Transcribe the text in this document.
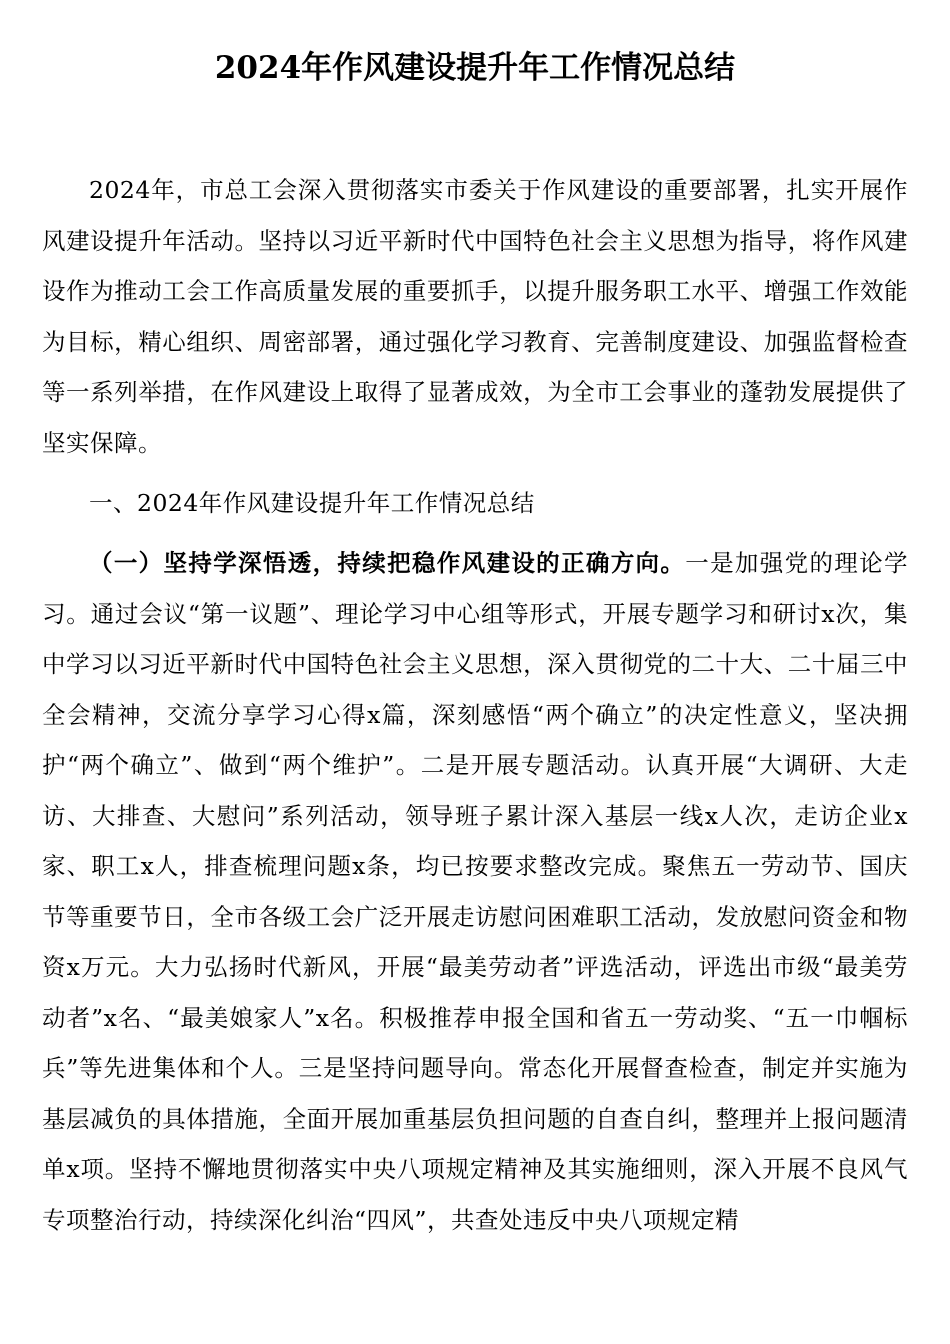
2024年作风建设提升年工作情况总结

2024年，市总工会深入贯彻落实市委关于作风建设的重要部署，扎实开展作风建设提升年活动。坚持以习近平新时代中国特色社会主义思想为指导，将作风建设作为推动工会工作高质量发展的重要抓手，以提升服务职工水平、增强工作效能为目标，精心组织、周密部署，通过强化学习教育、完善制度建设、加强监督检查等一系列举措，在作风建设上取得了显著成效，为全市工会事业的蓬勃发展提供了坚实保障。

一、2024年作风建设提升年工作情况总结

（一）坚持学深悟透，持续把稳作风建设的正确方向。一是加强党的理论学习。通过会议“第一议题”、理论学习中心组等形式，开展专题学习和研讨x次，集中学习以习近平新时代中国特色社会主义思想，深入贯彻党的二十大、二十届三中全会精神，交流分享学习心得x篇，深刻感悟“两个确立”的决定性意义，坚决拥护“两个确立”、做到“两个维护”。二是开展专题活动。认真开展“大调研、大走访、大排查、大慰问”系列活动，领导班子累计深入基层一线x人次，走访企业x家、职工x人，排查梳理问题x条，均已按要求整改完成。聚焦五一劳动节、国庆节等重要节日，全市各级工会广泛开展走访慰问困难职工活动，发放慰问资金和物资x万元。大力弘扬时代新风，开展“最美劳动者”评选活动，评选出市级“最美劳动者”x名、“最美娘家人”x名。积极推荐申报全国和省五一劳动奖、“五一巾帼标兵”等先进集体和个人。三是坚持问题导向。常态化开展督查检查，制定并实施为基层减负的具体措施，全面开展加重基层负担问题的自查自纠，整理并上报问题清单x项。坚持不懈地贯彻落实中央八项规定精神及其实施细则，深入开展不良风气专项整治行动，持续深化纠治“四风”，共查处违反中央八项规定精
